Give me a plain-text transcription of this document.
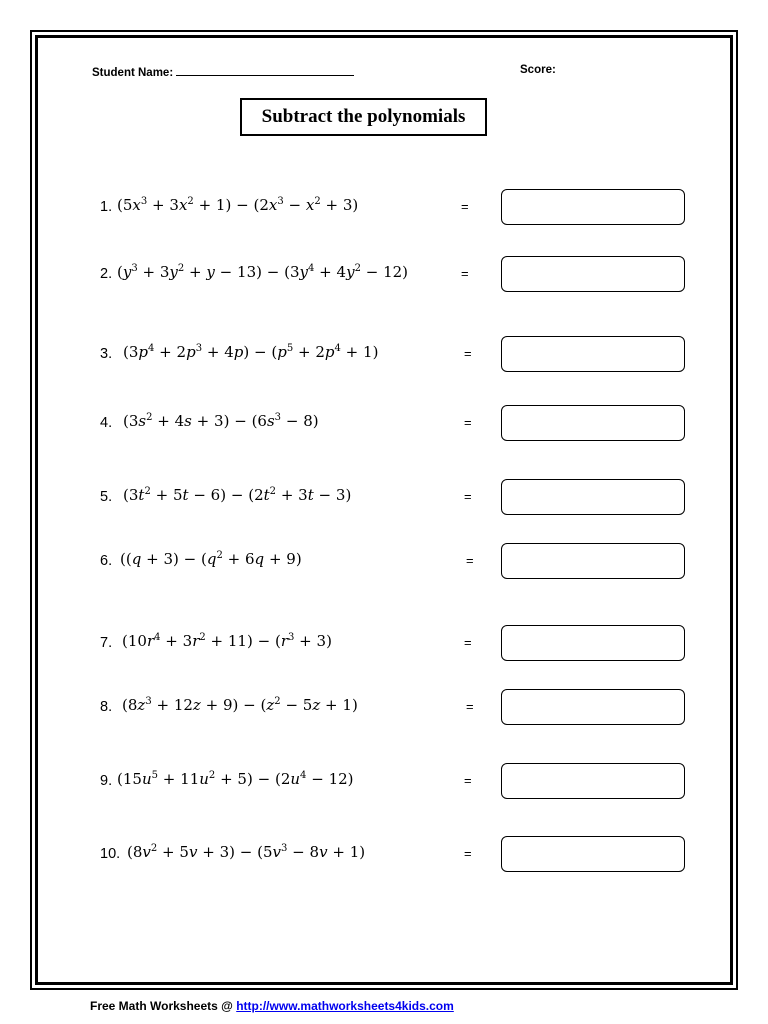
Student Name:	Score:
Subtract the polynomials
1. $(5x^3 + 3x^2 + 1) - (2x^3 - x^2 + 3)$	=
2. $(y^3 + 3y^2 + y - 13) - (3y^4 + 4y^2 - 12)$	=
3. $(3p^4 + 2p^3 + 4p) - (p^5 + 2p^4 + 1)$	=
4. $(3s^2 + 4s + 3) - (6s^3 - 8)$	=
5. $(3t^2 + 5t - 6) - (2t^2 + 3t - 3)$	=
6. ($(q + 3) - (q^2 + 6q + 9)$	=
7. $(10r^4 + 3r^2 + 11) - (r^3 + 3)$	=
8. $(8z^3 + 12z + 9) - (z^2 - 5z + 1)$	=
9. $(15u^5 + 11u^2 + 5) - (2u^4 - 12)$	=
10. $(8v^2 + 5v + 3) - (5v^3 - 8v + 1)$	=
Free Math Worksheets @ http://www.mathworksheets4kids.com
